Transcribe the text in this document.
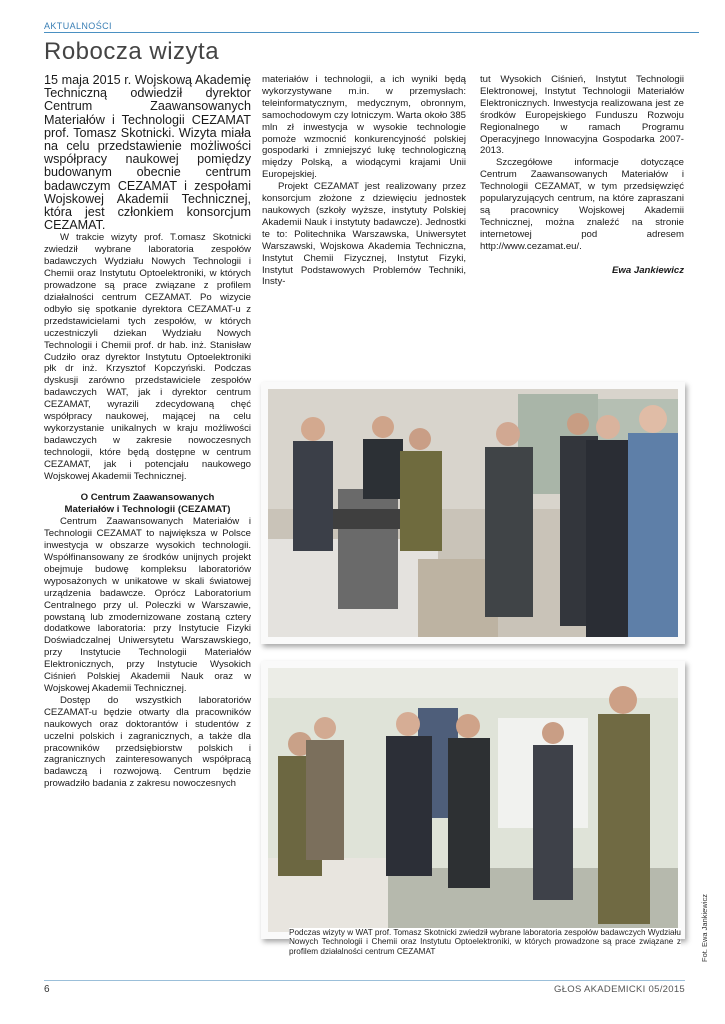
AKTUALNOŚCI
Robocza wizyta

15 maja 2015 r. Wojskową Akademię Techniczną odwiedził dyrektor Centrum Zaawansowanych Materiałów i Technologii CEZAMAT prof. Tomasz Skotnicki. Wizyta miała na celu przedstawienie możliwości współpracy naukowej pomiędzy budowanym obecnie centrum badawczym CEZAMAT i zespołami Wojskowej Akademii Technicznej, która jest członkiem konsorcjum CEZAMAT.

W trakcie wizyty prof. T.omasz Skotnicki zwiedził wybrane laboratoria zespołów badawczych Wydziału Nowych Technologii i Chemii oraz Instytutu Optoelektroniki, w których prowadzone są prace związane z profilem działalności centrum CEZAMAT. Po wizycie odbyło się spotkanie dyrektora CEZAMAT-u z przedstawicielami tych zespołów, w których uczestniczyli dziekan Wydziału Nowych Technologii i Chemii prof. dr hab. inż. Stanisław Cudziło oraz dyrektor Instytutu Optoelektroniki płk dr inż. Krzysztof Kopczyński. Podczas dyskusji zarówno przedstawiciele zespołów badawczych WAT, jak i dyrektor centrum CEZAMAT, wyrazili zdecydowaną chęć współpracy naukowej, mającej na celu wykorzystanie unikalnych w kraju możliwości badawczych w zakresie nowoczesnych technologii, które będą dostępne w centrum CEZAMAT, jak i potencjału naukowego Wojskowej Akademii Technicznej.

O Centrum Zaawansowanych

Materiałów i Technologii (CEZAMAT)

Centrum Zaawansowanych Materiałów i Technologii CEZAMAT to największa w Polsce inwestycja w obszarze wysokich technologii. Współfinansowany ze środków unijnych projekt obejmuje budowę kompleksu laboratoriów wyposażonych w unikatowe w skali światowej urządzenia badawcze. Oprócz Laboratorium Centralnego przy ul. Poleczki w Warszawie, powstaną lub zmodernizowane zostaną cztery dodatkowe laboratoria: przy Instytucie Fizyki Doświadczalnej Uniwersytetu Warszawskiego, przy Instytucie Technologii Materiałów Elektronicznych, przy Instytucie Wysokich Ciśnień Polskiej Akademii Nauk oraz w Wojskowej Akademii Technicznej.

Dostęp do wszystkich laboratoriów CEZAMAT-u będzie otwarty dla pracowników naukowych oraz doktorantów i studentów z uczelni polskich i zagranicznych, a także dla pracowników przedsiębiorstw polskich i zagranicznych zainteresowanych współpracą badawczą i rozwojową. Centrum będzie prowadziło badania z zakresu nowoczesnych

materiałów i technologii, a ich wyniki będą wykorzystywane m.in. w przemysłach: teleinformatycznym, medycznym, obronnym, samochodowym czy lotniczym. Warta około 385 mln zł inwestycja w wysokie technologie pomoże wzmocnić konkurencyjność polskiej gospodarki i zmniejszyć lukę technologiczną między Polską, a wiodącymi krajami Unii Europejskiej.

Projekt CEZAMAT jest realizowany przez konsorcjum złożone z dziewięciu jednostek naukowych (szkoły wyższe, instytuty Polskiej Akademii Nauk i instytuty badawcze). Jednostki te to: Politechnika Warszawska, Uniwersytet Warszawski, Wojskowa Akademia Techniczna, Instytut Chemii Fizycznej, Instytut Fizyki, Instytut Podstawowych Problemów Techniki, Insty-

tut Wysokich Ciśnień, Instytut Technologii Elektronowej, Instytut Technologii Materiałów Elektronicznych. Inwestycja realizowana jest ze środków Europejskiego Funduszu Rozwoju Regionalnego w ramach Programu Operacyjnego Innowacyjna Gospodarka 2007-2013.

Szczegółowe informacje dotyczące Centrum Zaawansowanych Materiałów i Technologii CEZAMAT, w tym przedsięwzięć popularyzujących centrum, na które zapraszani są pracownicy Wojskowej Akademii Technicznej, można znaleźć na stronie internetowej pod adresem http://www.cezamat.eu/.

Ewa Jankiewicz

Podczas wizyty w WAT prof. Tomasz Skotnicki zwiedził wybrane laboratoria zespołów badawczych Wydziału Nowych Technologii i Chemii oraz Instytutu Optoelektroniki, w których prowadzone są prace związane z profilem działalności centrum CEZAMAT	Fot. Ewa Jankiewicz
6	GŁOS AKADEMICKI 05/2015
